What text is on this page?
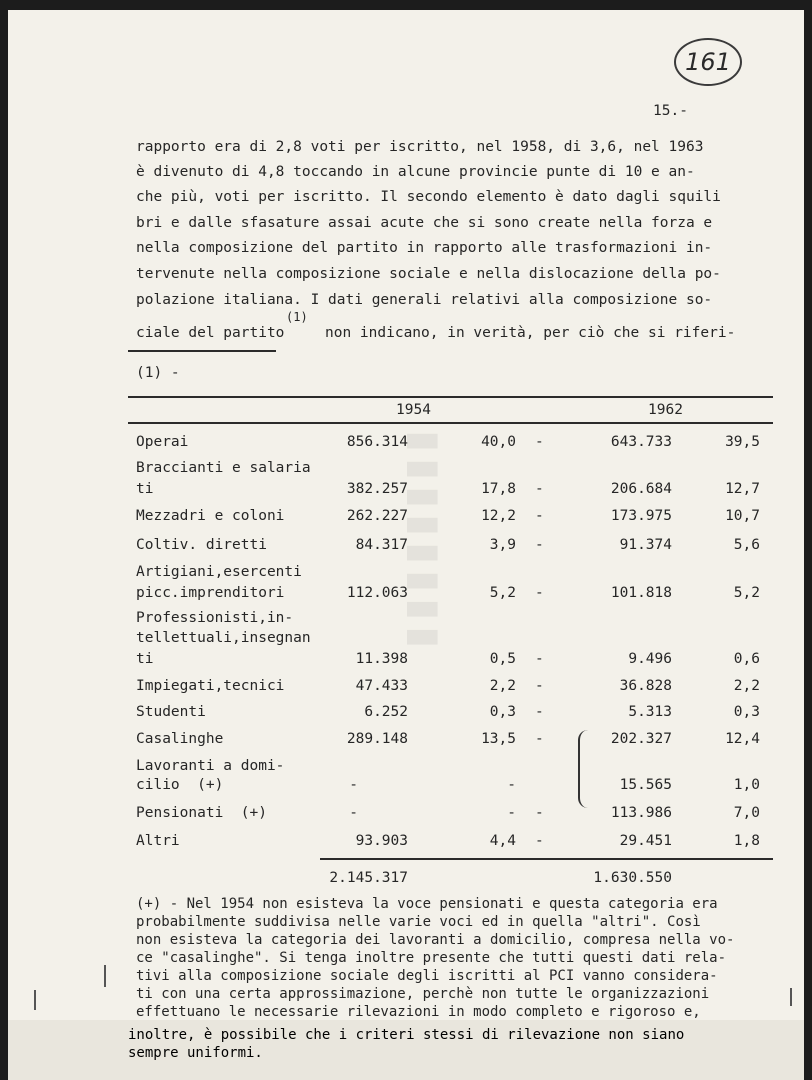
▮▮▮▮▮▮▮▮
161
15.-
rapporto era di 2,8 voti per iscritto, nel 1958, di 3,6, nel 1963
è divenuto di 4,8 toccando in alcune provincie punte di 10 e an-
che più, voti per iscritto. Il secondo elemento è dato dagli squili
bri e dalle sfasature assai acute che si sono create nella forza e
nella composizione del partito in rapporto alle trasformazioni in-
tervenute nella composizione sociale e nella dislocazione della po-
polazione italiana. I dati generali relativi alla composizione so-
ciale del partito
(1)
non indicano, in verità, per ciò che si riferi-
(1) -
1954	1962
Operai	856.314	40,0 -	643.733	39,5
Braccianti e salaria
ti	382.257	17,8 -	206.684	12,7
Mezzadri e coloni	262.227	12,2 -	173.975	10,7
Coltiv. diretti	84.317	3,9 -	91.374	5,6
Artigiani,esercenti
picc.imprenditori	112.063	5,2 -	101.818	5,2
Professionisti,in-
tellettuali,insegnan
ti	11.398	0,5 -	9.496	0,6
Impiegati,tecnici	47.433	2,2 -	36.828	2,2
Studenti	6.252	0,3 -	5.313	0,3
Casalinghe	289.148	13,5 -	202.327	12,4
Lavoranti a domi-
cilio  (+)	-	-	15.565	1,0
Pensionati  (+)	-	- -	113.986	7,0
Altri	93.903	4,4 -	29.451	1,8
2.145.317	1.630.550
(+) - Nel 1954 non esisteva la voce pensionati e questa categoria era
probabilmente suddivisa nelle varie voci ed in quella "altri". Così
non esisteva la categoria dei lavoranti a domicilio, compresa nella vo-
ce "casalinghe". Si tenga inoltre presente che tutti questi dati rela-
tivi alla composizione sociale degli iscritti al PCI vanno considera-
ti con una certa approssimazione, perchè non tutte le organizzazioni
effettuano le necessarie rilevazioni in modo completo e rigoroso e,
inoltre, è possibile che i criteri stessi di rilevazione non siano
sempre uniformi.
